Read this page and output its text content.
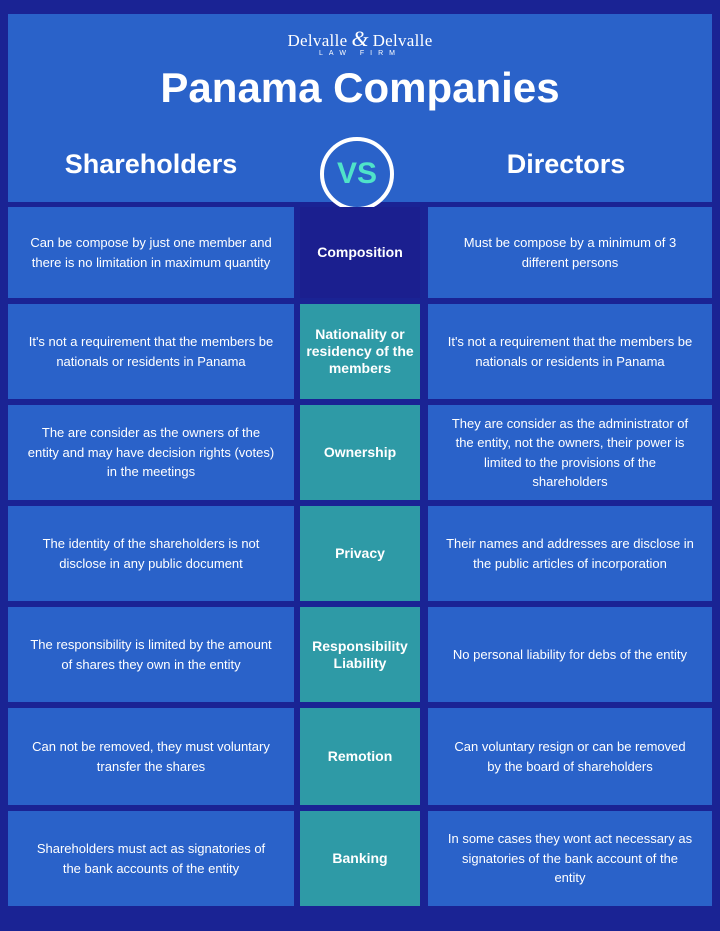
Delvalle & Delvalle
LAW FIRM
Panama Companies
Shareholders	VS	Directors
Can be compose by just one member and there is no limitation in maximum quantity
Composition
Must be compose by a minimum of 3 different persons
It's not a requirement that the members be nationals or residents in Panama
Nationality or residency of the members
It's not a requirement that the members be nationals or residents in Panama
The are consider as the owners of the entity and may have decision rights (votes) in the meetings
Ownership
They are consider as the administrator of the entity, not the owners, their power is limited to the provisions of the shareholders
The identity of the shareholders is not disclose in any public document
Privacy
Their names and addresses are disclose in the public articles of incorporation
The responsibility is limited by the amount of shares they own in the entity
Responsibility Liability
No personal liability for debs of the entity
Can not be removed, they must voluntary transfer the shares
Remotion
Can voluntary resign or can be removed by the board of shareholders
Shareholders must act as signatories of the bank accounts of the entity
Banking
In some cases they wont act necessary as signatories of the bank account of the entity
